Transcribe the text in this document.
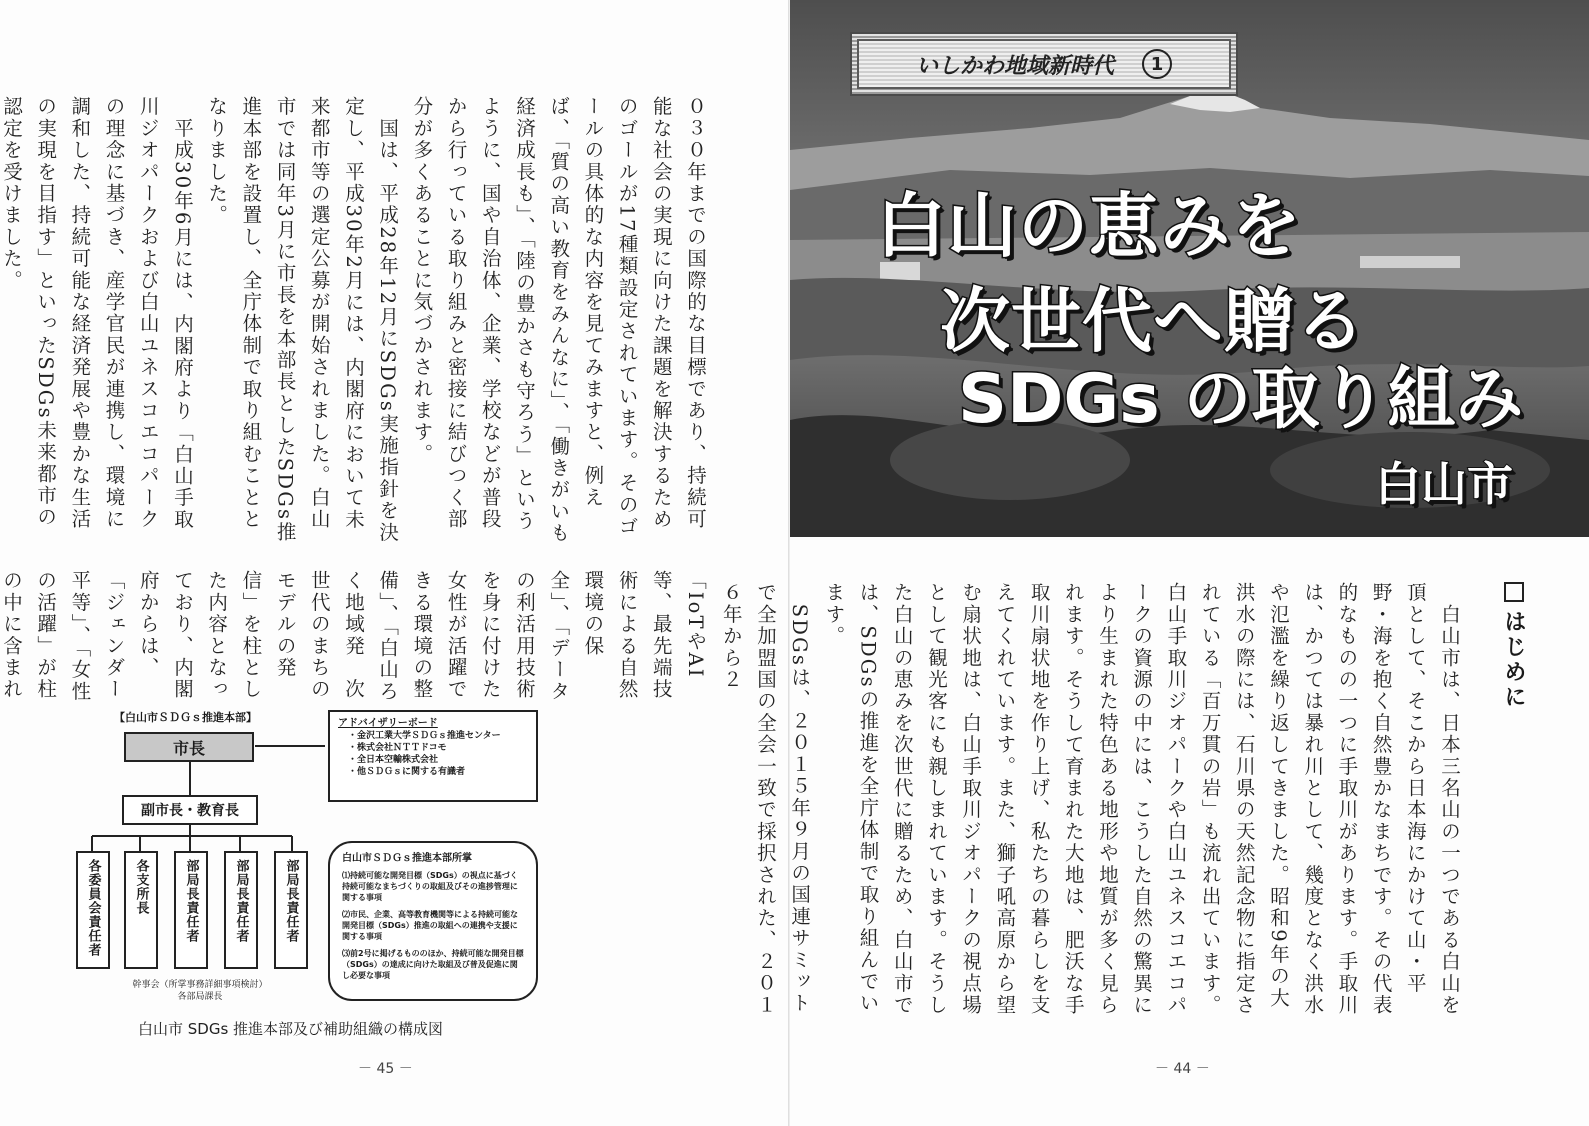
０３０年までの国際的な目標であり、持続可能な社会の実現に向けた課題を解決するためのゴールが17種類設定されています。そのゴールの具体的な内容を見てみますと、例えば、「質の高い教育をみんなに」、「働きがいも経済成長も」、「陸の豊かさも守ろう」というように、国や自治体、企業、学校などが普段から行っている取り組みと密接に結びつく部分が多くあることに気づかされます。
　国は、平成28年12月にSDGs実施指針を決定し、平成30年2月には、内閣府において未来都市等の選定公募が開始されました。白山市では同年3月に市長を本部長としたSDGs推進本部を設置し、全庁体制で取り組むこととなりました。
　平成30年6月には、内閣府より「白山手取川ジオパークおよび白山ユネスコエコパークの理念に基づき、産学官民が連携し、環境に調和した、持続可能な経済発展や豊かな生活の実現を目指す」といったSDGs未来都市の認定を受けました。

「IoTやAI等、最先端技術による自然環境の保全」、「データの利活用技術を身に付けた女性が活躍できる環境の整備」、「白山ろく地域発　次世代のまちのモデルの発信」を柱とした内容となっており、内閣府からは、「ジェンダー平等」、「女性の活躍」が柱の中に含まれ

【白山市ＳＤＧｓ推進本部】
市長
副市長・教育長
各委員会責任者	各支所長	部局長責任者	部局長責任者	部局長責任者
幹事会（所掌事務詳細事項検討）
各部局課長
アドバイザリーボード
・金沢工業大学ＳＤＧｓ推進センター
・株式会社ＮＴＴドコモ
・全日本空輸株式会社
・他ＳＤＧｓに関する有識者
白山市ＳＤＧｓ推進本部所掌
⑴持続可能な開発目標（SDGs）の視点に基づく持続可能なまちづくりの取組及びその進捗管理に関する事項
⑵市民、企業、高等教育機関等による持続可能な開発目標（SDGs）推進の取組への連携や支援に関する事項
⑶前2号に掲げるもののほか、持続可能な開発目標（SDGs）の達成に向けた取組及び普及促進に関し必要な事項
白山市 SDGs 推進本部及び補助組織の構成図
－ 45 －
いしかわ地域新時代	1
白山の恵みを
次世代へ贈る
SDGs の取り組み
白山市
はじめに
　白山市は、日本三名山の一つである白山を頂として、そこから日本海にかけて山・平野・海を抱く自然豊かなまちです。その代表的なものの一つに手取川があります。手取川は、かつては暴れ川として、幾度となく洪水や氾濫を繰り返してきました。昭和9年の大洪水の際には、石川県の天然記念物に指定されている「百万貫の岩」も流れ出ています。白山手取川ジオパークや白山ユネスコエコパークの資源の中には、こうした自然の驚異により生まれた特色ある地形や地質が多く見られます。そうして育まれた大地は、肥沃な手取川扇状地を作り上げ、私たちの暮らしを支えてくれています。また、獅子吼高原から望む扇状地は、白山手取川ジオパークの視点場として観光客にも親しまれています。そうした白山の恵みを次世代に贈るため、白山市では、SDGsの推進を全庁体制で取り組んでいます。
　SDGsは、２０１５年９月の国連サミットで全加盟国の全会一致で採択された、２０１６年から２
－ 44 －
